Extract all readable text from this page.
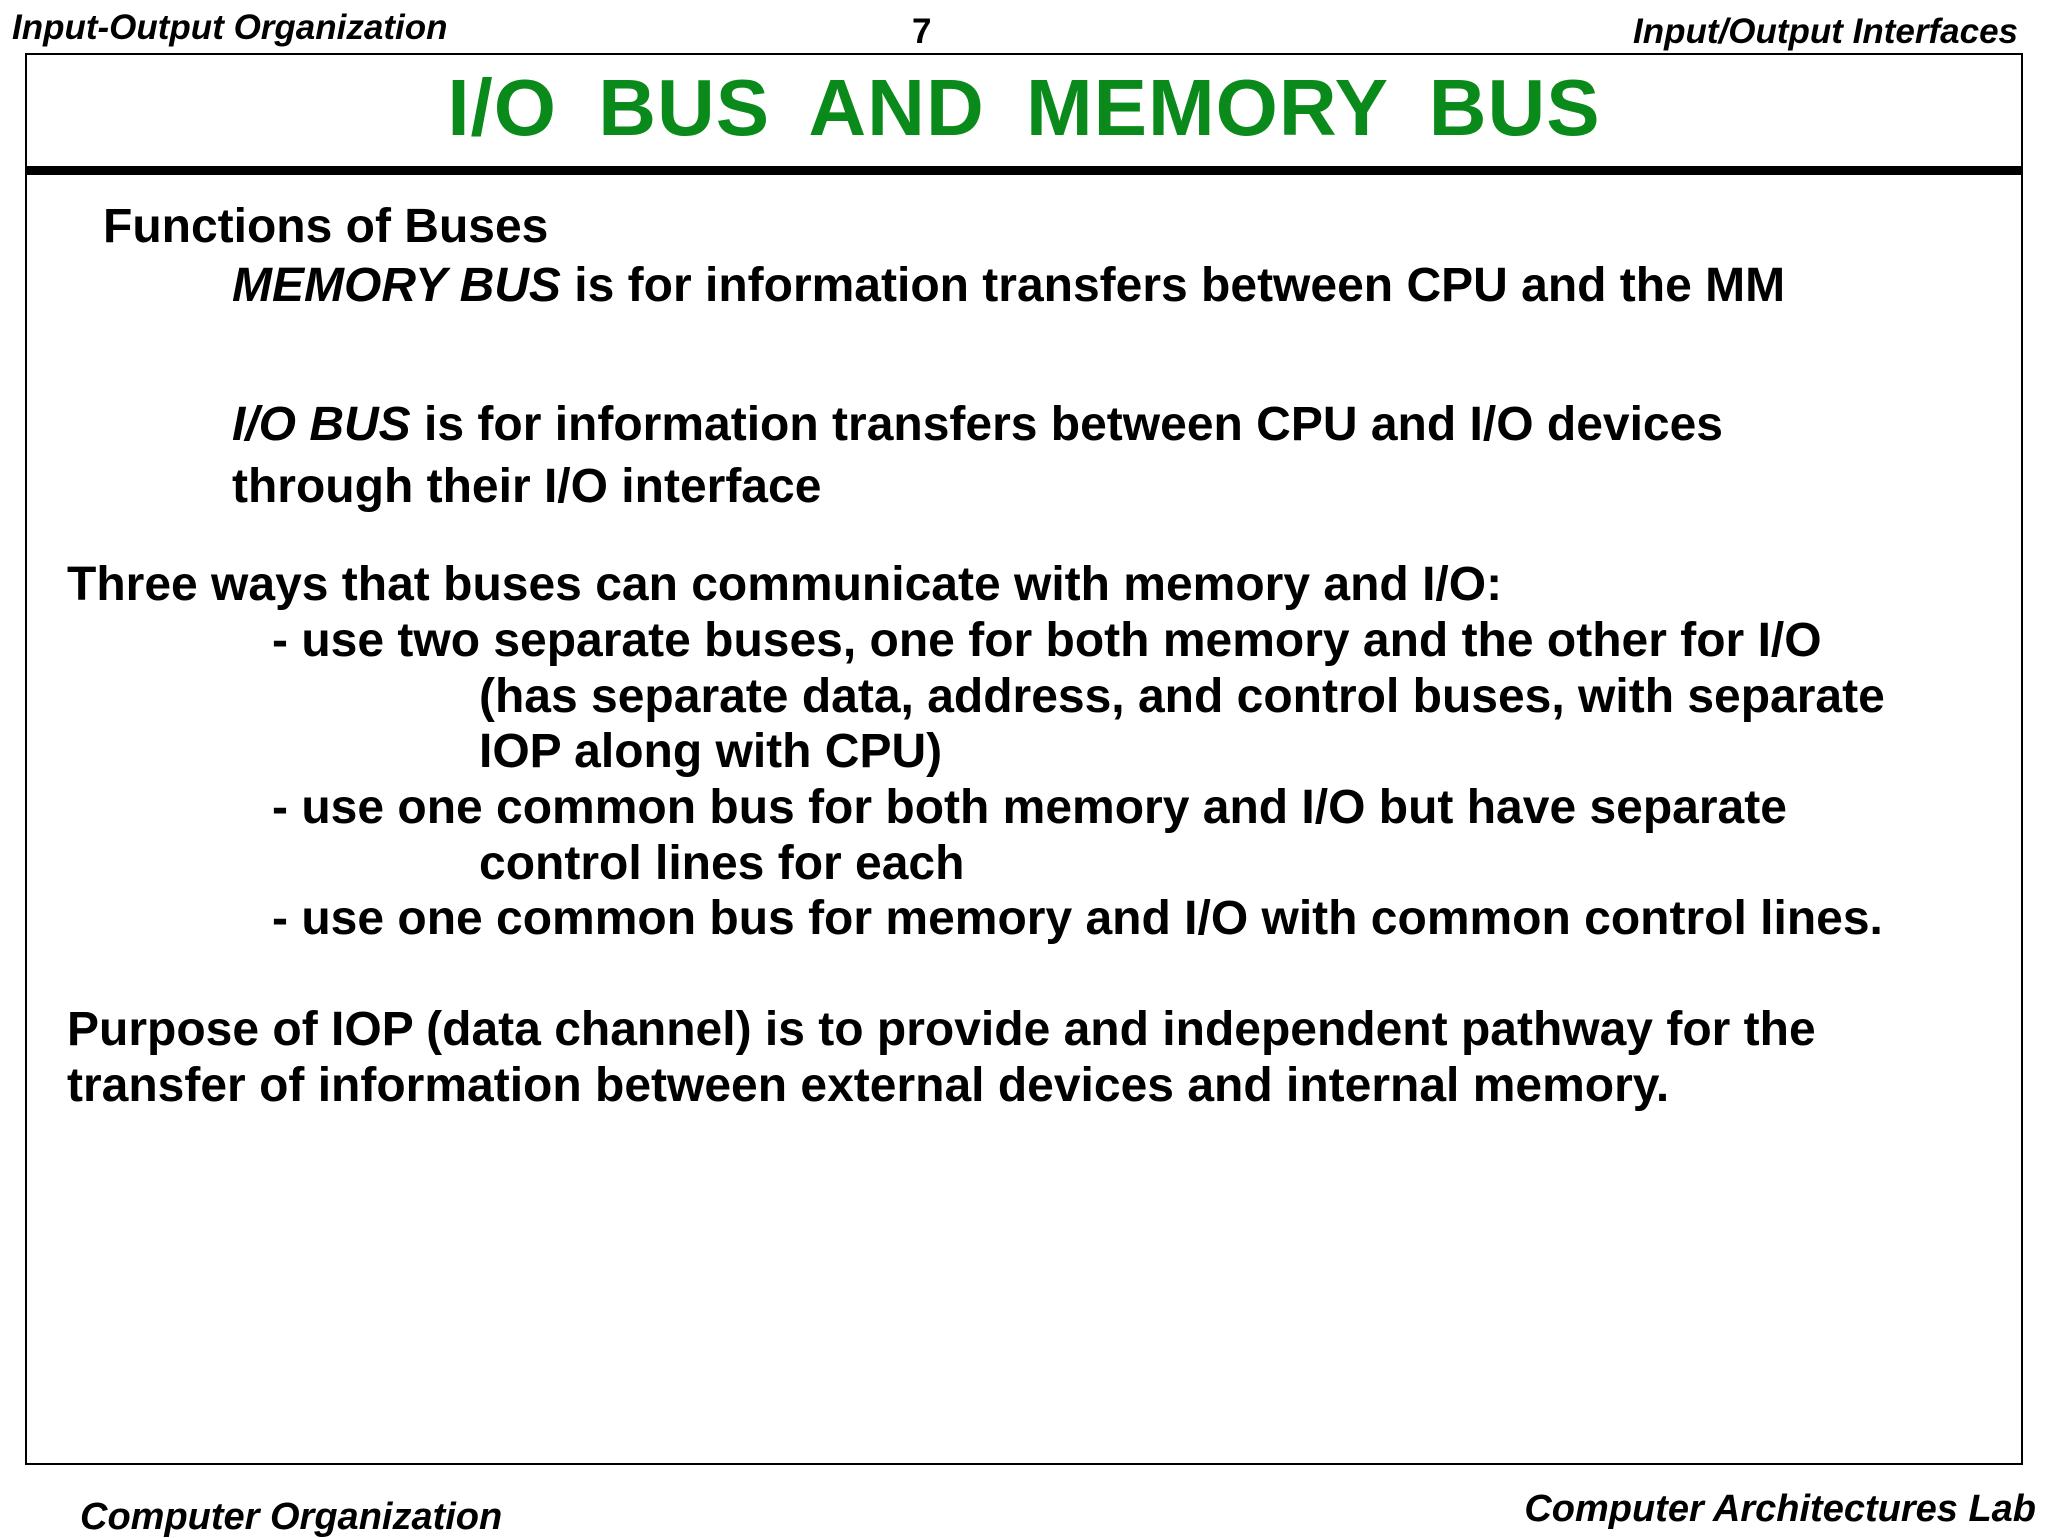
Input-Output Organization	7	Input/Output Interfaces
I/O BUS AND MEMORY BUS
Functions of Buses
MEMORY BUS is for information transfers between CPU and the MM
I/O BUS is for information transfers between CPU and I/O devices
through their I/O interface
Three ways that buses can communicate with memory and I/O:
- use two separate buses, one for both memory and the other for I/O
(has separate data, address, and control buses, with separate
IOP along with CPU)
- use one common bus for both memory and I/O but have separate
control lines for each
- use one common bus for memory and I/O with common control lines.
Purpose of IOP (data channel) is to provide and independent pathway for the
transfer of information between external devices and internal memory.
Computer Organization	Computer Architectures Lab
